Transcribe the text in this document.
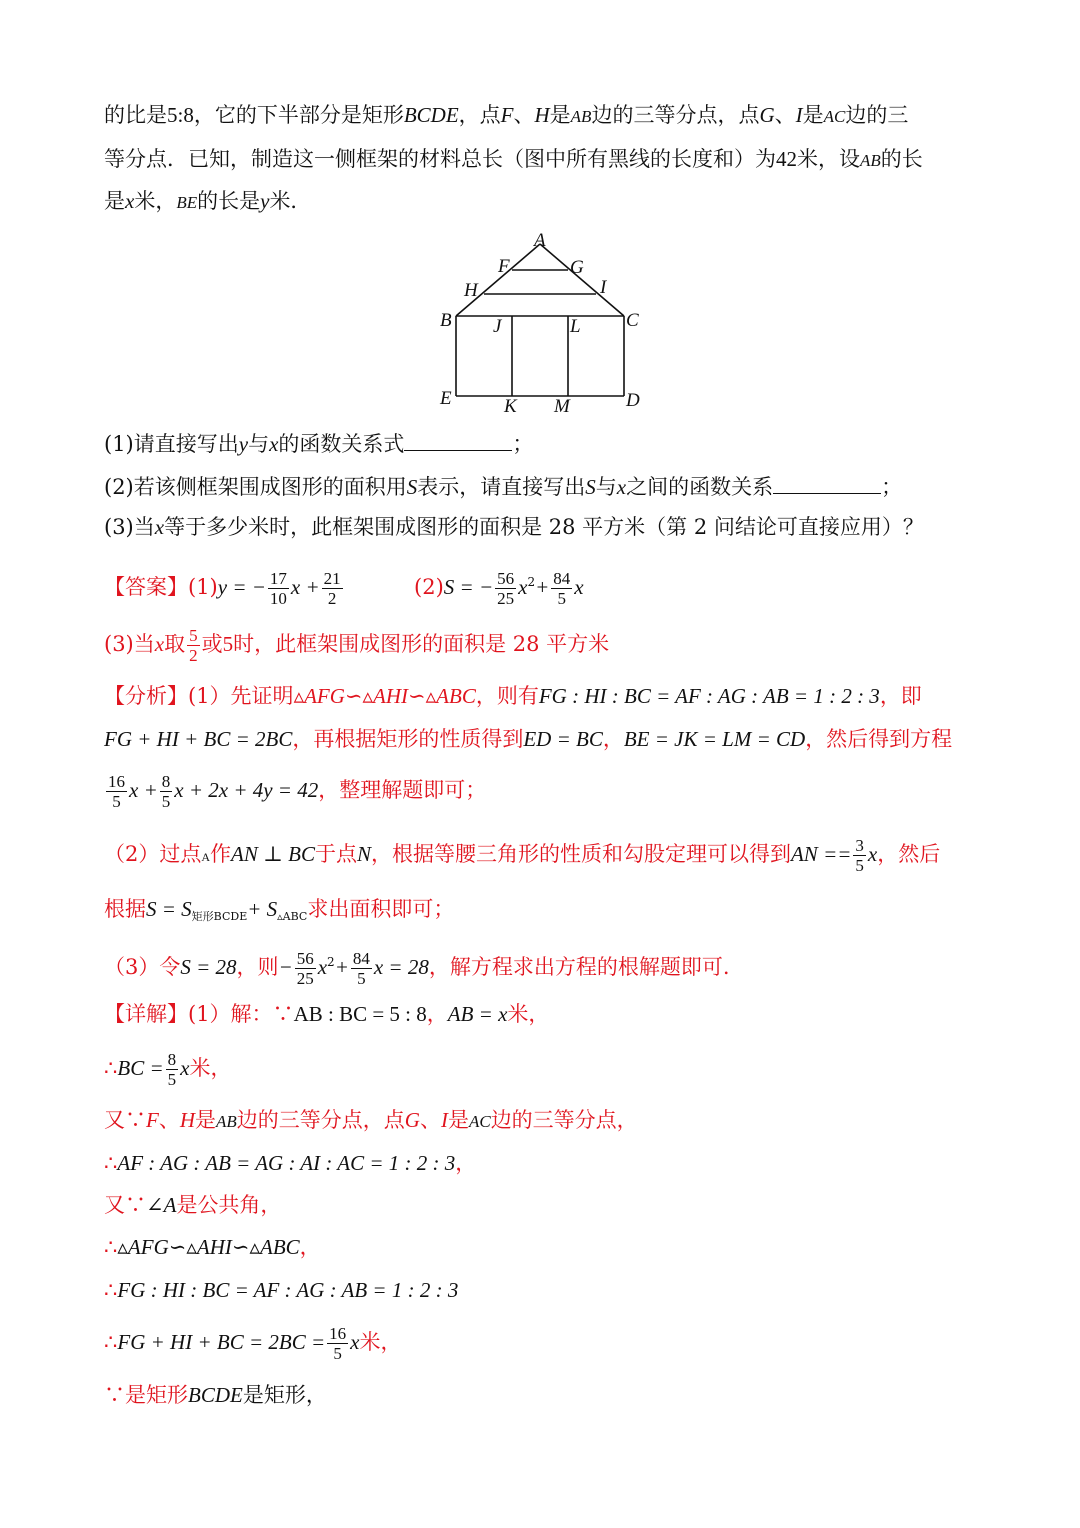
的比是5:8，它的下半部分是矩形BCDE，点F、H是AB边的三等分点，点G、I是AC边的三
等分点．已知，制造这一侧框架的材料总长（图中所有黑线的长度和）为42米，设AB的长
是x米，BE的长是y米．
A
F	G
H	I
B J	L C
E	K M	D
(1)请直接写出y与x的函数关系式	；
(2)若该侧框架围成图形的面积用S表示，请直接写出S与x之间的函数关系	；
(3)当x等于多少米时，此框架围成图形的面积是 28 平方米（第 2 问结论可直接应用）？
【答案】(1)y = − $\frac{17}{10}$ $x + \frac{21}{2}$	(2)S = − $\frac{56}{25} x^2+ \frac{84}{5}$ x
(3)当x取 $\frac{5}{2}$ 或5时，此框架围成图形的面积是 28 平方米
【分析】(1）先证明▵AFG∽▵AHI∽▵ABC，则有FG : HI : BC = AF : AG : AB = 1 : 2 : 3，即
FG + HI + BC = 2BC，再根据矩形的性质得到ED = BC，BE = JK = LM = CD，然后得到方程
$\frac{16}{5}$ $x + \frac{8}{5}$ x + 2x + 4y = 42，整理解题即可；
（2）过点A作AN ⊥ BC于点N，根据等腰三角形的性质和勾股定理可以得到AN == $\frac{3}{5}$ x，然后
根据$S = S_{矩形BCDE}+ S_{▵ABC}$求出面积即可；
（3）令S = 28，则− $\frac{56}{25} x^2+ \frac{84}{5}$ x = 28，解方程求出方程的根解题即可.
【详解】(1）解：∵AB : BC = 5 : 8，AB = x米，
∴BC = $\frac{8}{5}$ x米，
又∵F、H是AB边的三等分点，点G、I是AC边的三等分点，
∴AF : AG : AB = AG : AI : AC = 1 : 2 : 3，
又∵∠A是公共角，
∴▵AFG∽▵AHI∽▵ABC，
∴FG : HI : BC = AF : AG : AB = 1 : 2 : 3
∴FG + HI + BC = $2BC = \frac{16}{5}$ x米，
∵是矩形BCDE是矩形，
